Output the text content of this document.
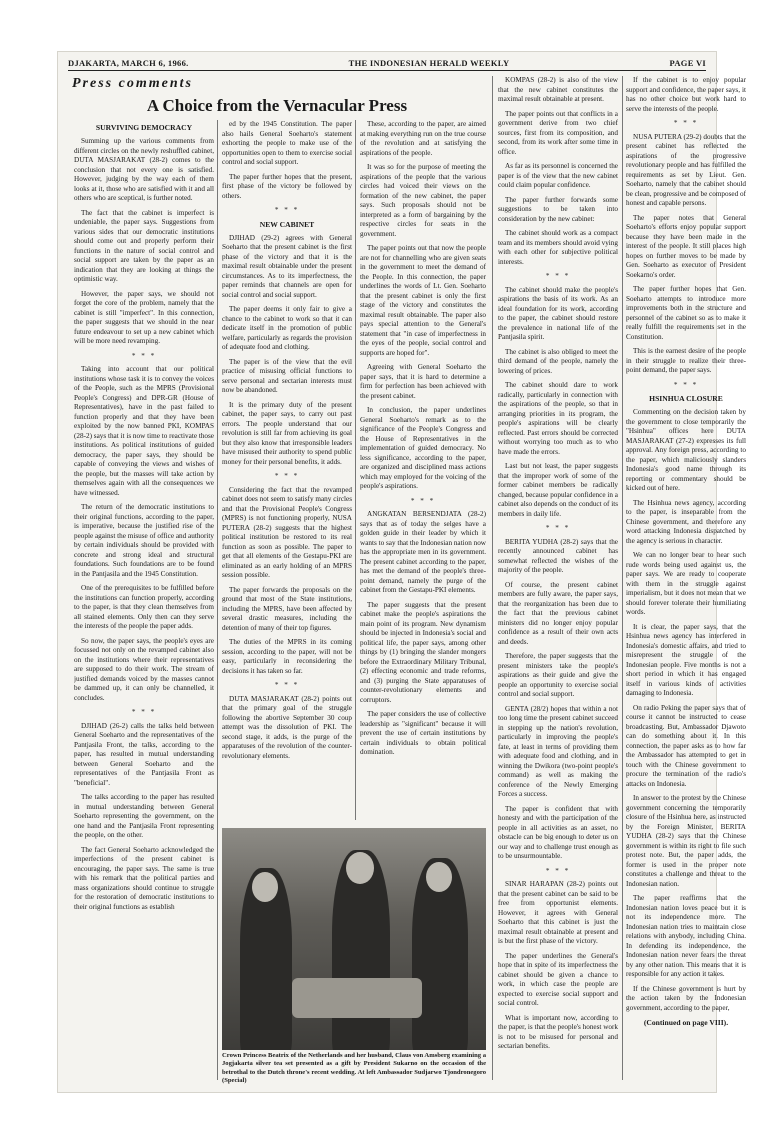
DJAKARTA, MARCH 6, 1966.	THE INDONESIAN HERALD WEEKLY	PAGE VI
Press comments
A Choice from the Vernacular Press
SURVIVING DEMOCRACY

Summing up the various comments from different circles on the newly reshuffled cabinet, DUTA MASJARAKAT (28-2) comes to the conclusion that not every one is satisfied. However, judging by the way each of them looks at it, those who are satisfied with it and all others who are sceptical, is further noted.

The fact that the cabinet is imperfect is undeniable, the paper says. Suggestions from various sides that our democratic institutions should come out and properly perform their functions in the nature of social control and social support are taken by the paper as an indication that they are looking at things the optimistic way.

However, the paper says, we should not forget the core of the problem, namely that the cabinet is still "imperfect". In this connection, the paper suggests that we should in the near future endeavour to set up a new cabinet which will be more need revamping.

* * *

Taking into account that our political institutions whose task it is to convey the voices of the People, such as the MPRS (Provisional People's Congress) and DPR-GR (House of Representatives), have in the past failed to function properly and that they have been exploited by the now banned PKI, KOMPAS (28-2) says that it is now time to reactivate those institutions. As political institutions of guided democracy, the paper says, they should be capable of conveying the views and wishes of the people, but the masses will take action by themselves again with all the consequences we have witnessed.

The return of the democratic institutions to their original functions, according to the paper, is imperative, because the justified rise of the people against the misuse of office and authority by certain individuals should be provided with concrete and strong ideal and structural foundations. Such foundations are to be found in the Pantjasila and the 1945 Constitution.

One of the prerequisites to be fulfilled before the institutions can function properly, according to the paper, is that they clean themselves from all stained elements. Only then can they serve the interests of the people the paper adds.

So now, the paper says, the people's eyes are focussed not only on the revamped cabinet also on the institutions where their representatives are supposed to do their work. The stream of justified demands voiced by the masses cannot be dammed up, it can only be channelled, it concludes.

* * *

DJIHAD (26-2) calls the talks held between General Soeharto and the representatives of the Pantjasila Front, the talks, according to the paper, has resulted in mutual understanding between General Soeharto and the representatives of the Pantjasila Front as "beneficial".

The talks according to the paper has resulted in mutual understanding between General Soeharto representing the government, on the one hand and the Pantjasila Front representing the people, on the other.

The fact General Soeharto acknowledged the imperfections of the present cabinet is encouraging, the paper says. The same is true with his remark that the political parties and mass organizations should continue to struggle for the restoration of democratic institutions to their original functions as establish

ed by the 1945 Constitution. The paper also hails General Soeharto's statement exhorting the people to make use of the opportunities open to them to exercise social control and social support.

The paper further hopes that the present, first phase of the victory be followed by others.

* * *
NEW CABINET

DJIHAD (29-2) agrees with General Soeharto that the present cabinet is the first phase of the victory and that it is the maximal result obtainable under the present circumstances. As to its imperfectness, the paper reminds that channels are open for social control and social support.

The paper deems it only fair to give a chance to the cabinet to work so that it can dedicate itself in the promotion of public welfare, particularly as regards the provision of adequate food and clothing.

The paper is of the view that the evil practice of misusing official functions to serve personal and sectarian interests must now be abandoned.

It is the primary duty of the present cabinet, the paper says, to carry out past errors. The people understand that our revolution is still far from achieving its goal but they also know that irresponsible leaders have misused their authority to spend public money for their personal benefits, it adds.

* * *

Considering the fact that the revamped cabinet does not seem to satisfy many circles and that the Provisional People's Congress (MPRS) is not functioning properly, NUSA PUTERA (28-2) suggests that the highest political institution be restored to its real function as soon as possible. The paper to get that all elements of the Gestapu-PKI are eliminated as an early holding of an MPRS session possible.

The paper forwards the proposals on the ground that most of the State institutions, including the MPRS, have been affected by several drastic measures, including the detention of many of their top figures.

The duties of the MPRS in its coming session, according to the paper, will not be easy, particularly in reconsidering the decisions it has taken so far.

* * *

DUTA MASJARAKAT (28-2) points out that the primary goal of the struggle following the abortive September 30 coup attempt was the dissolution of PKI. The second stage, it adds, is the purge of the apparatuses of the revolution of the counter-revolutionary elements.

These, according to the paper, are aimed at making everything run on the true course of the revolution and at satisfying the aspirations of the people.

It was so for the purpose of meeting the aspirations of the people that the various circles had voiced their views on the formation of the new cabinet, the paper says. Such proposals should not be interpreted as a form of bargaining by the respective circles for seats in the government.

The paper points out that now the people are not for channelling who are given seats in the government to meet the demand of the People. In this connection, the paper underlines the words of Lt. Gen. Soeharto that the present cabinet is only the first stage of the victory and constitutes the maximal result obtainable. The paper also pays special attention to the General's statement that "in case of imperfectness in the eyes of the people, social control and supports are hoped for".

Agreeing with General Soeharto the paper says, that it is hard to determine a firm for perfection has been achieved with the present cabinet.

In conclusion, the paper underlines General Soeharto's remark as to the significance of the People's Congress and the House of Representatives in the implementation of guided democracy. No less significance, according to the paper, are organized and disciplined mass actions which may employed for the voicing of the people's aspirations.

* * *

ANGKATAN BERSENDJATA (28-2) says that as of today the selges have a golden guide in their leader by which it wants to say that the Indonesian nation now has the appropriate men in its government. The present cabinet according to the paper, has met the demand of the people's three-point demand, namely the purge of the cabinet from the Gestapu-PKI elements.

The paper suggests that the present cabinet make the people's aspirations the main point of its program. New dynamism should be injected in Indonesia's social and political life, the paper says, among other things by (1) bringing the slander mongers before the Extraordinary Military Tribunal, (2) effecting economic and trade reforms, and (3) purging the State apparatuses of counter-revolutionary elements and corruptors.

The paper considers the use of collective leadership as "significant" because it will prevent the use of certain institutions by certain individuals to obtain political domination.

KOMPAS (28-2) is also of the view that the new cabinet constitutes the maximal result obtainable at present.

The paper points out that conflicts in a government derive from two chief sources, first from its composition, and second, from its work after some time in office.

As far as its personnel is concerned the paper is of the view that the new cabinet could claim popular confidence.

The paper further forwards some suggestions to be taken into consideration by the new cabinet:

The cabinet should work as a compact team and its members should avoid vying with each other for subjective political interests.

* * *

The cabinet should make the people's aspirations the basis of its work. As an ideal foundation for its work, according to the paper, the cabinet should restore the prevalence in national life of the Pantjasila spirit.

The cabinet is also obliged to meet the third demand of the people, namely the lowering of prices.

The cabinet should dare to work radically, particularly in connection with the aspirations of the people, so that in arranging priorities in its program, the people's aspirations will be clearly reflected. Past errors should be corrected without worrying too much as to who have made the errors.

Last but not least, the paper suggests that the improper work of some of the former cabinet members be radically changed, because popular confidence in a cabinet also depends on the conduct of its members in daily life.

* * *

BERITA YUDHA (28-2) says that the recently announced cabinet has somewhat reflected the wishes of the majority of the people.

Of course, the present cabinet members are fully aware, the paper says, that the reorganization has been due to the fact that the previous cabinet ministers did no longer enjoy popular confidence as a result of their own acts and deeds.

Therefore, the paper suggests that the present ministers take the people's aspirations as their guide and give the people an opportunity to exercise social control and social support.

GENTA (28/2) hopes that within a not too long time the present cabinet succeed in stepping up the nation's revolution, particularly in improving the people's fate, at least in terms of providing them with adequate food and clothing, and in winning the Dwikora (two-point people's command) as well as making the conference of the Newly Emerging Forces a success.

The paper is confident that with honesty and with the participation of the people in all activities as an asset, no obstacle can be big enough to deter us on our way and to challenge trust enough as to be unsurmountable.

* * *

SINAR HARAPAN (28-2) points out that the present cabinet can be said to be free from opportunist elements. However, it agrees with General Soeharto that this cabinet is just the maximal result obtainable at present and is but the first phase of the victory.

The paper underlines the General's hope that in spite of its imperfectness the cabinet should be given a chance to work, in which case the people are expected to exercise social support and social control.

What is important now, according to the paper, is that the people's honest work is not to be misused for personal and sectarian benefits.

If the cabinet is to enjoy popular support and confidence, the paper says, it has no other choice but work hard to serve the interests of the people.

* * *

NUSA PUTERA (29-2) doubts that the present cabinet has reflected the aspirations of the progressive revolutionary people and has fulfilled the requirements as set by Lieut. Gen. Soeharto, namely that the cabinet should be clean, progressive and be composed of honest and capable persons.

The paper notes that General Soeharto's efforts enjoy popular support because they have been made in the interest of the people. It still places high hopes on further moves to be made by Gen. Soeharto as executor of President Soekarno's order.

The paper further hopes that Gen. Soeharto attempts to introduce more improvements both in the structure and personnel of the cabinet so as to make it really fulfill the requirements set in the Constitution.

This is the earnest desire of the people in their struggle to realize their three-point demand, the paper says.

* * *
HSINHUA CLOSURE

Commenting on the decision taken by the government to close temporarily the "Hsinhua" offices here DUTA MASJARAKAT (27-2) expresses its full approval. Any foreign press, according to the paper, which maliciously slanders Indonesia's good name through its reporting or commentary should be kicked out of here.

The Hsinhua news agency, according to the paper, is inseparable from the Chinese government, and therefore any word attacking Indonesia dispatched by the agency is serious in character.

We can no longer bear to hear such rude words being used against us, the paper says. We are ready to cooperate with them in the struggle against imperialism, but it does not mean that we should forever tolerate their humiliating words.

It is clear, the paper says, that the Hsinhua news agency has interfered in Indonesia's domestic affairs, and tried to misrepresent the struggle of the Indonesian people. Five months is not a short period in which it has engaged itself in various kinds of activities damaging to Indonesia.

On radio Peking the paper says that of course it cannot be instructed to cease broadcasting. But, Ambassador Djawoto can do something about it. In this connection, the paper asks as to how far the Ambassador has attempted to get in touch with the Chinese government to procure the termination of the radio's attacks on Indonesia.

In answer to the protest by the Chinese government concerning the temporarily closure of the Hsinhua here, as instructed by the Foreign Minister, BERITA YUDHA (28-2) says that the Chinese government is within its right to file such protest note. But, the paper adds, the former is used in the proper note constitutes a challenge and threat to the Indonesian nation.

The paper reaffirms that the Indonesian nation loves peace but it is not its independence more. The Indonesian nation tries to maintain close relations with anybody, including China. In defending its independence, the Indonesian nation never fears the threat by any other nation. This means that it is responsible for any action it takes.

If the Chinese government is hurt by the action taken by the Indonesian government, according to the paper,

(Continued on page VIII).
Crown Princess Beatrix of the Netherlands and her husband, Claus von Amsberg examining a Jogjakarta silver tea set presented as a gift by President Sukarno on the occasion of the betrothal to the Dutch throne's recent wedding. At left Ambassador Sudjarwo Tjondronegoro (Special)
